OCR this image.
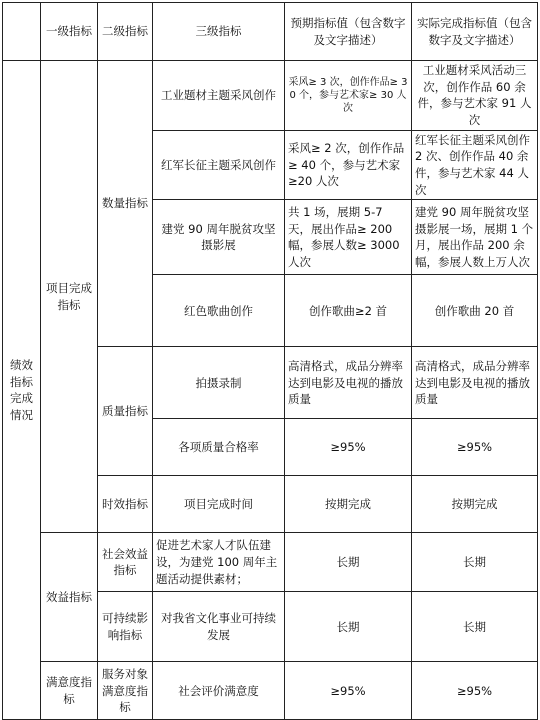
	一级指标	二级指标	三级指标	预期指标值（包含数字及文字描述）	实际完成指标值（包含数字及文字描述）
绩效指标完成情况	项目完成指标	数量指标	工业题材主题采风创作	采风≥ 3 次，创作作品≥ 30 个，参与艺术家≥ 30 人次	工业题材采风活动三次，创作作品 60 余件，参与艺术家 91 人次
			红军长征主题采风创作	采风≥ 2 次，创作作品≥ 40 个，参与艺术家≥20 人次	红军长征主题采风创作 2 次、创作作品 40 余件，参与艺术家 44 人次
			建党 90 周年脱贫攻坚摄影展	共 1 场，展期 5-7 天，展出作品≥ 200 幅，参展人数≥ 3000 人次	建党 90 周年脱贫攻坚摄影展一场，展期 1 个月，展出作品 200 余幅，参展人数上万人次
			红色歌曲创作	创作歌曲≥2 首	创作歌曲 20 首
		质量指标	拍摄录制	高清格式，成品分辨率达到电影及电视的播放质量	高清格式，成品分辨率达到电影及电视的播放质量
			各项质量合格率	≥95%	≥95%
		时效指标	项目完成时间	按期完成	按期完成
	效益指标	社会效益指标	促进艺术家人才队伍建设，为建党 100 周年主题活动提供素材；	长期	长期
		可持续影响指标	对我省文化事业可持续发展	长期	长期
	满意度指标	服务对象满意度指标	社会评价满意度	≥95%	≥95%
